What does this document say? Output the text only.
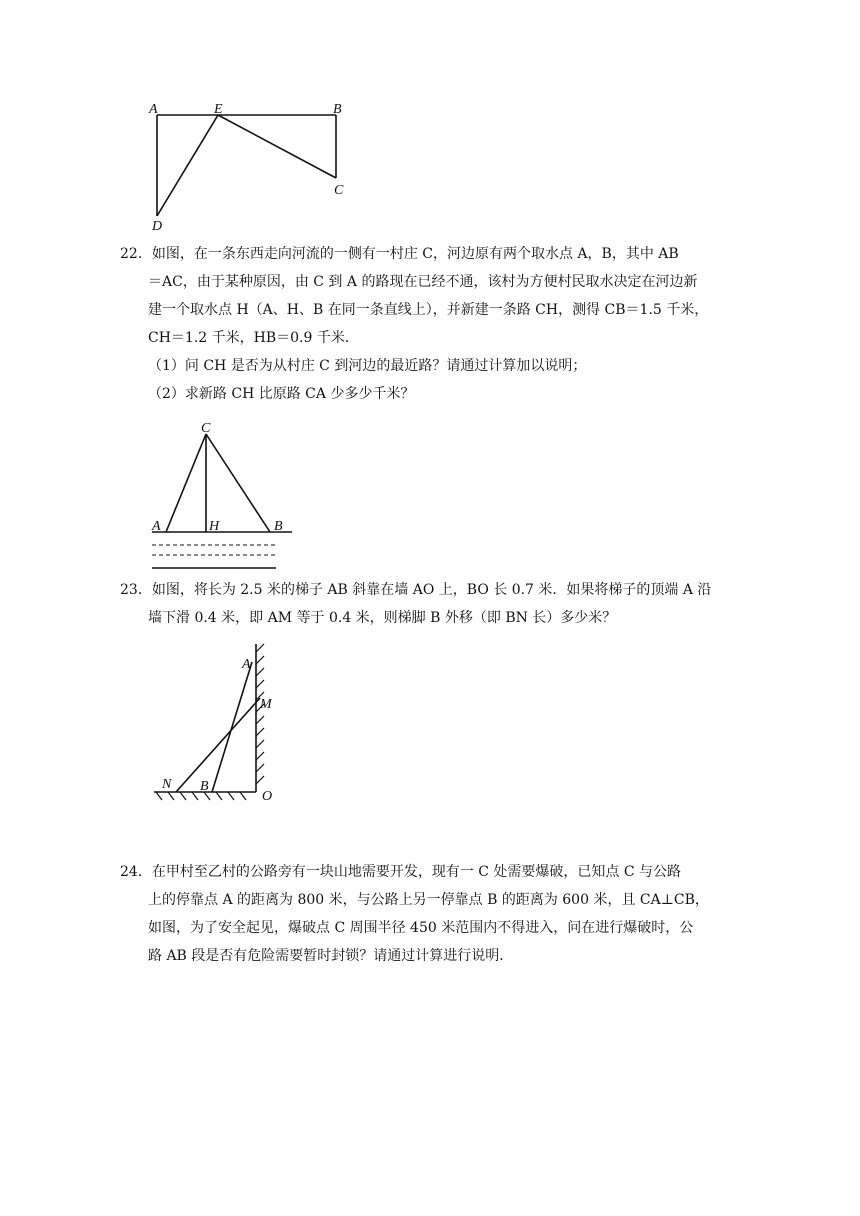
A	E	B
C
D
22．如图，在一条东西走向河流的一侧有一村庄 C，河边原有两个取水点 A，B，其中 AB
＝AC，由于某种原因，由 C 到 A 的路现在已经不通，该村为方便村民取水决定在河边新
建一个取水点 H（A、H、B 在同一条直线上），并新建一条路 CH，测得 CB＝1.5 千米，
CH＝1.2 千米，HB＝0.9 千米．
（1）问 CH 是否为从村庄 C 到河边的最近路？请通过计算加以说明；
（2）求新路 CH 比原路 CA 少多少千米？
C
A	H	B
23．如图，将长为 2.5 米的梯子 AB 斜靠在墙 AO 上，BO 长 0.7 米．如果将梯子的顶端 A 沿
墙下滑 0.4 米，即 AM 等于 0.4 米，则梯脚 B 外移（即 BN 长）多少米？
A
M
N B
O
24．在甲村至乙村的公路旁有一块山地需要开发，现有一 C 处需要爆破，已知点 C 与公路
上的停靠点 A 的距离为 800 米，与公路上另一停靠点 B 的距离为 600 米，且 CA⊥CB，
如图，为了安全起见，爆破点 C 周围半径 450 米范围内不得进入，问在进行爆破时，公
路 AB 段是否有危险需要暂时封锁？请通过计算进行说明．
